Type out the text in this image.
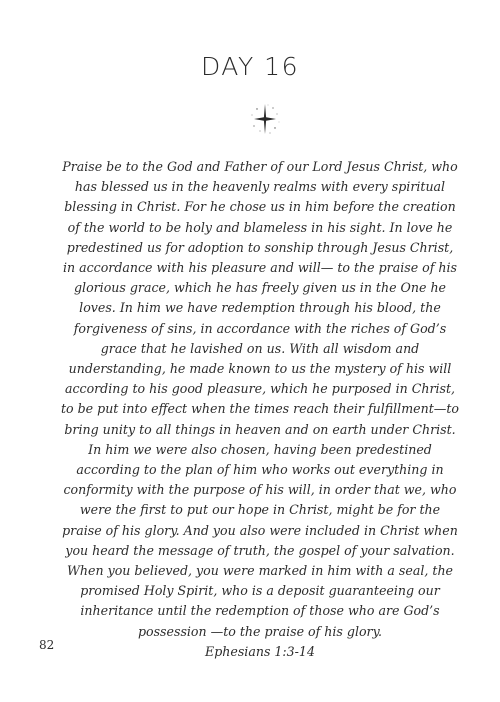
DAY 16
Praise be to the God and Father of our Lord Jesus Christ, who has blessed us in the heavenly realms with every spiritual blessing in Christ. For he chose us in him before the creation of the world to be holy and blameless in his sight. In love he predestined us for adoption to sonship through Jesus Christ, in accordance with his pleasure and will— to the praise of his glorious grace, which he has freely given us in the One he loves. In him we have redemption through his blood, the forgiveness of sins, in accordance with the riches of God’s grace that he lavished on us. With all wisdom and understanding, he made known to us the mystery of his will according to his good pleasure, which he purposed in Christ, to be put into effect when the times reach their fulfillment—to bring unity to all things in heaven and on earth under Christ. In him we were also chosen, having been predestined according to the plan of him who works out everything in conformity with the purpose of his will, in order that we, who were the first to put our hope in Christ, might be for the praise of his glory. And you also were included in Christ when you heard the message of truth, the gospel of your salvation. When you believed, you were marked in him with a seal, the promised Holy Spirit, who is a deposit guaranteeing our inheritance until the redemption of those who are God’s possession —to the praise of his glory.
Ephesians 1:3-14
82
